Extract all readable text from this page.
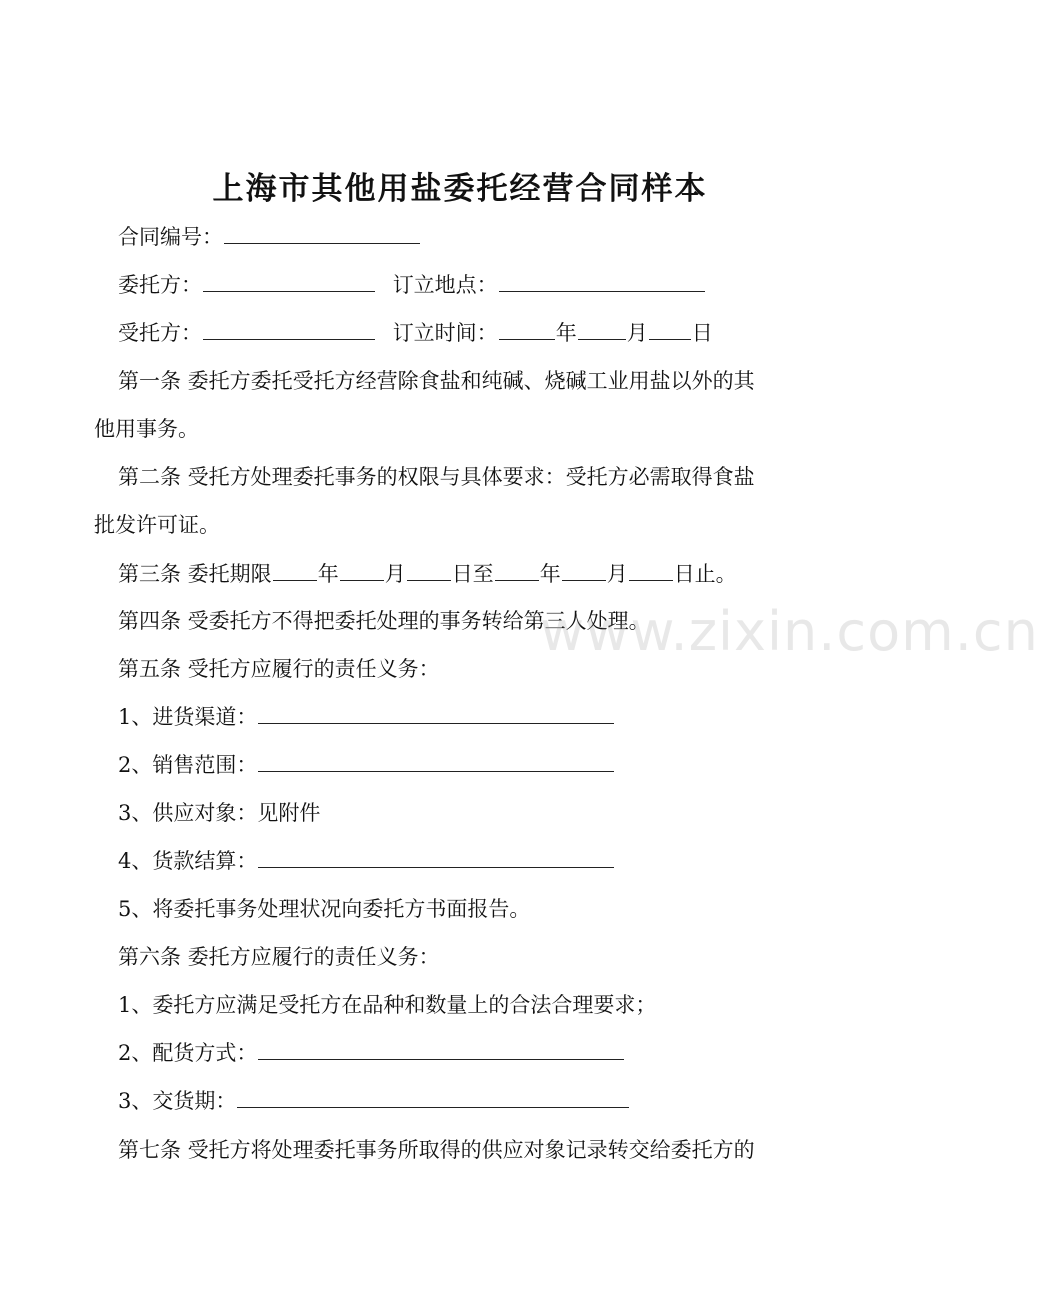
上海市其他用盐委托经营合同样本
合同编号：
委托方：	订立地点：
受托方：	订立时间：	年 月 日
第一条 委托方委托受托方经营除食盐和纯碱、烧碱工业用盐以外的其
他用事务。
第二条 受托方处理委托事务的权限与具体要求：受托方必需取得食盐
批发许可证。
第三条 委托期限 年 月 日至 年 月 日止。
第四条 受委托方不得把委托处理的事务转给第三人处理。
第五条 受托方应履行的责任义务：
1、进货渠道：
2、销售范围：
3、供应对象：见附件
4、货款结算：
5、将委托事务处理状况向委托方书面报告。
第六条 委托方应履行的责任义务：
1、委托方应满足受托方在品种和数量上的合法合理要求；
2、配货方式：
3、交货期：
第七条 受托方将处理委托事务所取得的供应对象记录转交给委托方的
www.zixin.com.cn
